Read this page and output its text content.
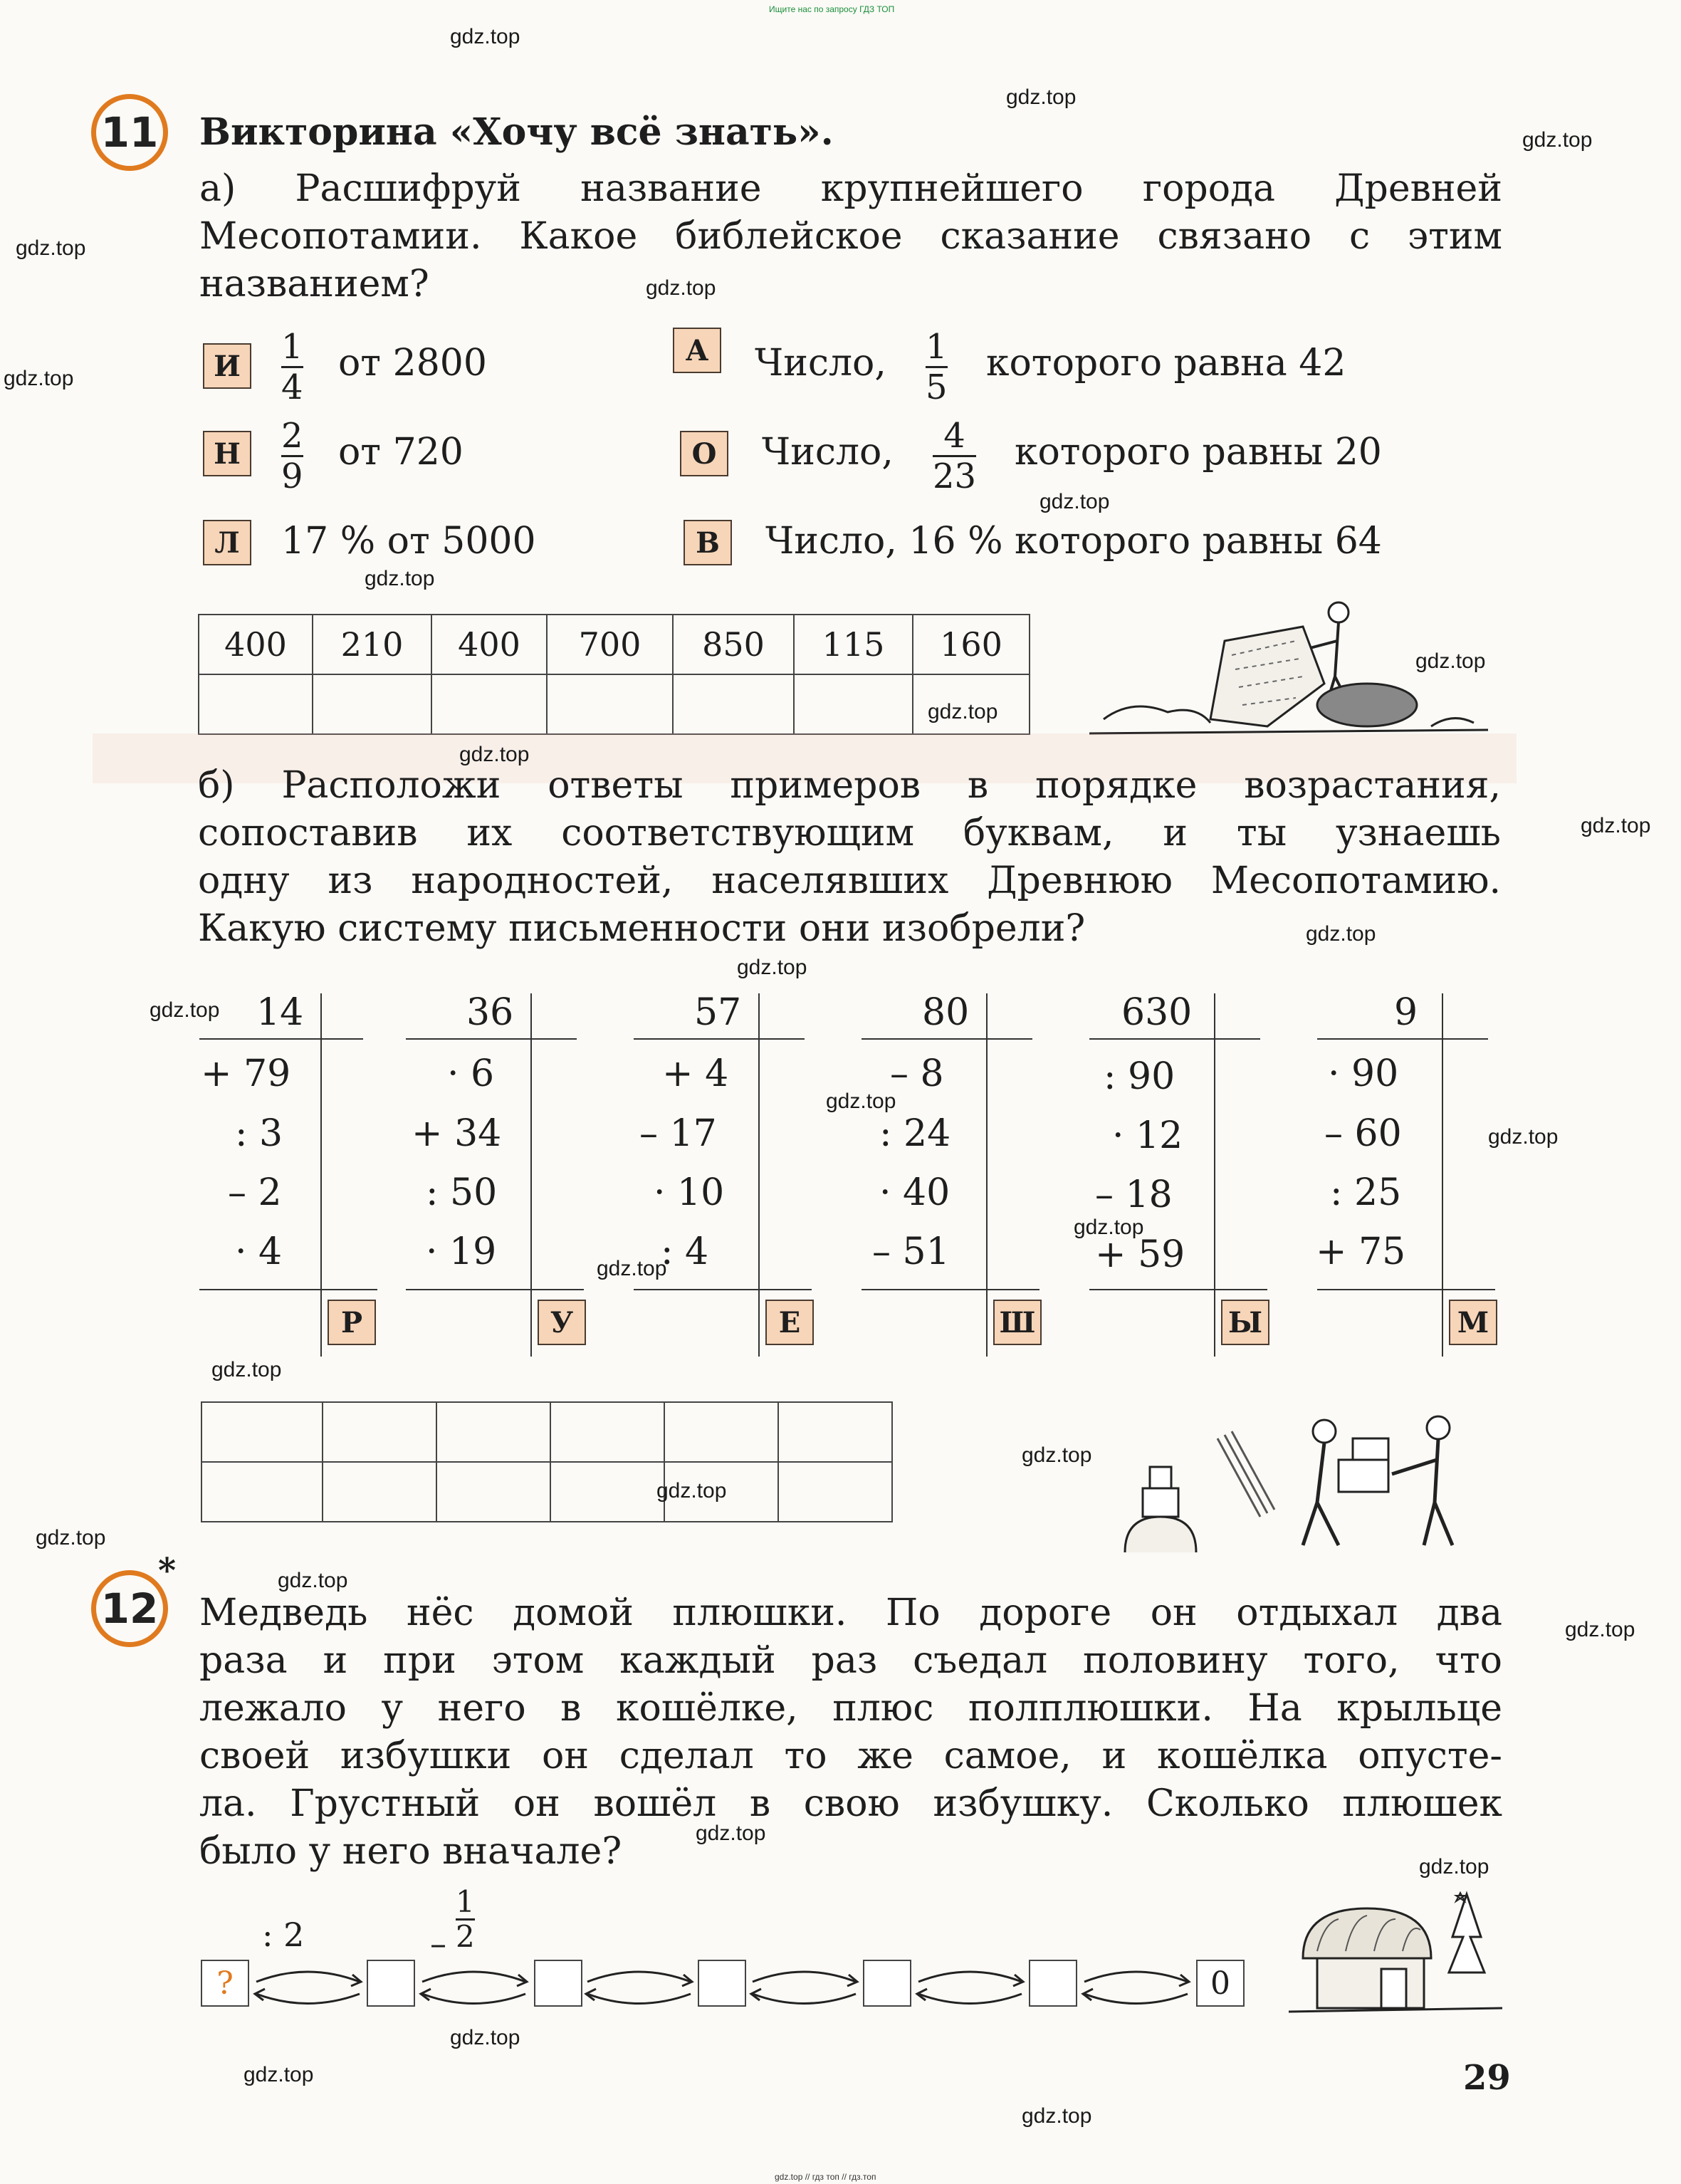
Ищите нас по запросу ГДЗ ТОП
gdz.top // гдз топ // гдз.топ
11 Викторина «Хочу всё знать».
а) Расшифруй название крупнейшего города Древней
Месопотамии. Какое библейское сказание связано с этим
названием?
И	1
4
от 2800
Н	2
9
от 720
Л	17 % от 5000
А	Число, 1
5
которого равна 42
О	Число, 4
23
которого равны 20
В	Число, 16 % которого равны 64
400	210	400	700	850	115	160

б) Расположи ответы примеров в порядке возрастания,
сопоставив их соответствующим буквам, и ты узнаешь
одну из народностей, населявших Древнюю Месопотамию.
Какую систему письменности они изобрели?
14
+ 79
: 3
– 2
· 4
Р
36
· 6
+ 34
: 50
· 19
У
57
+ 4
– 17
· 10
: 4
Е
80
– 8
: 24
· 40
– 51
Ш
630
: 90
· 12
– 18
+ 59
Ы
9
· 90
– 60
: 25
+ 75
М

12
*
Медведь нёс домой плюшки. По дороге он отдыхал два
раза и при этом каждый раз съедал половину того, что
лежало у него в кошёлке, плюс полплюшки. На крыльце
своей избушки он сделал то же самое, и кошёлка опусте-
ла. Грустный он вошёл в свою избушку. Сколько плюшек
было у него вначале?
: 2	–
1
2
?	0
29
gdz.top
gdz.top
gdz.top
gdz.top
gdz.top
gdz.top
gdz.top
gdz.top
gdz.top
gdz.top
gdz.top
gdz.top
gdz.top
gdz.top
gdz.top
gdz.top
gdz.top
gdz.top
gdz.top
gdz.top
gdz.top
gdz.top
gdz.top
gdz.top
gdz.top
gdz.top
gdz.top
gdz.top
gdz.top
gdz.top
